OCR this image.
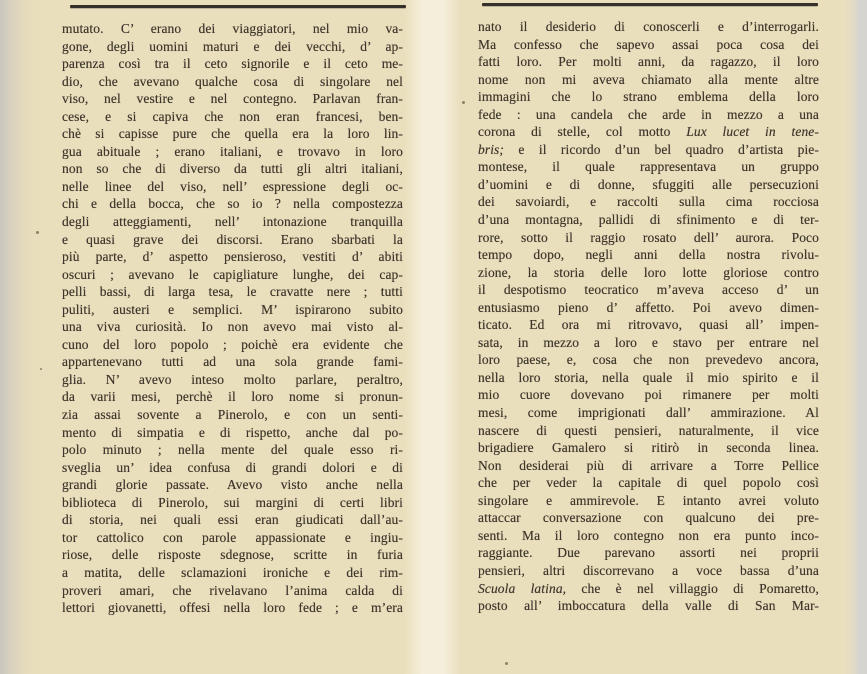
mutato. C’ erano dei viaggiatori, nel mio va-
gone, degli uomini maturi e dei vecchi, d’ ap-
parenza così tra il ceto signorile e il ceto me-
dio, che avevano qualche cosa di singolare nel
viso, nel vestire e nel contegno. Parlavan fran-
cese, e si capiva che non eran francesi, ben-
chè si capisse pure che quella era la loro lin-
gua abituale ; erano italiani, e trovavo in loro
non so che di diverso da tutti gli altri italiani,
nelle linee del viso, nell’ espressione degli oc-
chi e della bocca, che so io ? nella compostezza
degli atteggiamenti, nell’ intonazione tranquilla
e quasi grave dei discorsi. Erano sbarbati la
più parte, d’ aspetto pensieroso, vestiti d’ abiti
oscuri ; avevano le capigliature lunghe, dei cap-
pelli bassi, di larga tesa, le cravatte nere ; tutti
puliti, austeri e semplici. M’ ispirarono subito
una viva curiosità. Io non avevo mai visto al-
cuno del loro popolo ; poichè era evidente che
appartenevano tutti ad una sola grande fami-
glia. N’ avevo inteso molto parlare, peraltro,
da varii mesi, perchè il loro nome si pronun-
zia assai sovente a Pinerolo, e con un senti-
mento di simpatia e di rispetto, anche dal po-
polo minuto ; nella mente del quale esso ri-
sveglia un’ idea confusa di grandi dolori e di
grandi glorie passate. Avevo visto anche nella
biblioteca di Pinerolo, sui margini di certi libri
di storia, nei quali essi eran giudicati dall’au-
tor cattolico con parole appassionate e ingiu-
riose, delle risposte sdegnose, scritte in furia
a matita, delle sclamazioni ironiche e dei rim-
proveri amari, che rivelavano l’anima calda di
lettori giovanetti, offesi nella loro fede ; e m’era
nato il desiderio di conoscerli e d’interrogarli.
Ma confesso che sapevo assai poca cosa dei
fatti loro. Per molti anni, da ragazzo, il loro
nome non mi aveva chiamato alla mente altre
immagini che lo strano emblema della loro
fede : una candela che arde in mezzo a una
corona di stelle, col motto Lux lucet in tene-
bris; e il ricordo d’un bel quadro d’artista pie-
montese, il quale rappresentava un gruppo
d’uomini e di donne, sfuggiti alle persecuzioni
dei savoiardi, e raccolti sulla cima rocciosa
d’una montagna, pallidi di sfinimento e di ter-
rore, sotto il raggio rosato dell’ aurora. Poco
tempo dopo, negli anni della nostra rivolu-
zione, la storia delle loro lotte gloriose contro
il despotismo teocratico m’aveva acceso d’ un
entusiasmo pieno d’ affetto. Poi avevo dimen-
ticato. Ed ora mi ritrovavo, quasi all’ impen-
sata, in mezzo a loro e stavo per entrare nel
loro paese, e, cosa che non prevedevo ancora,
nella loro storia, nella quale il mio spirito e il
mio cuore dovevano poi rimanere per molti
mesi, come imprigionati dall’ ammirazione. Al
nascere di questi pensieri, naturalmente, il vice
brigadiere Gamalero si ritirò in seconda linea.
Non desiderai più di arrivare a Torre Pellice
che per veder la capitale di quel popolo così
singolare e ammirevole. E intanto avrei voluto
attaccar conversazione con qualcuno dei pre-
senti. Ma il loro contegno non era punto inco-
raggiante. Due parevano assorti nei proprii
pensieri, altri discorrevano a voce bassa d’una
Scuola latina, che è nel villaggio di Pomaretto,
posto all’ imboccatura della valle di San Mar-
